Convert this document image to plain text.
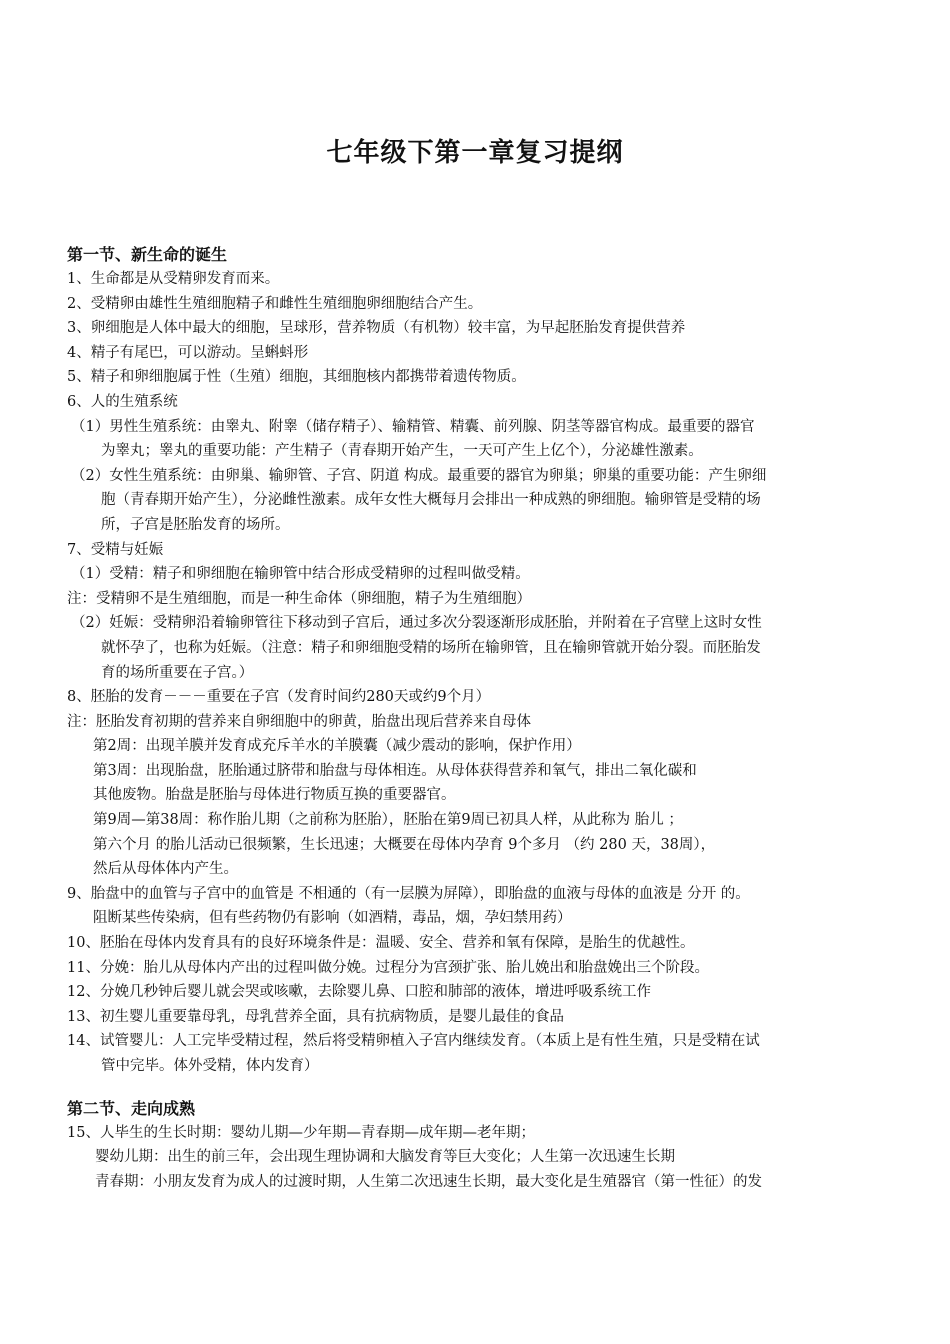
七年级下第一章复习提纲

第一节、新生命的诞生

1、生命都是从受精卵发育而来。

2、受精卵由雄性生殖细胞精子和雌性生殖细胞卵细胞结合产生。

3、卵细胞是人体中最大的细胞，呈球形，营养物质（有机物）较丰富，为早起胚胎发育提供营养

4、精子有尾巴，可以游动。呈蝌蚪形

5、精子和卵细胞属于性（生殖）细胞，其细胞核内都携带着遗传物质。

6、人的生殖系统

（1）男性生殖系统：由睾丸、附睾（储存精子）、输精管、精囊、前列腺、阴茎等器官构成。最重要的器官

为睾丸；睾丸的重要功能：产生精子（青春期开始产生，一天可产生上亿个），分泌雄性激素。

（2）女性生殖系统：由卵巢、输卵管、子宫、阴道 构成。最重要的器官为卵巢；卵巢的重要功能：产生卵细

胞（青春期开始产生），分泌雌性激素。成年女性大概每月会排出一种成熟的卵细胞。输卵管是受精的场

所，子宫是胚胎发育的场所。

7、受精与妊娠

（1）受精：精子和卵细胞在输卵管中结合形成受精卵的过程叫做受精。

注：受精卵不是生殖细胞，而是一种生命体（卵细胞，精子为生殖细胞）

（2）妊娠：受精卵沿着输卵管往下移动到子宫后，通过多次分裂逐渐形成胚胎，并附着在子宫壁上这时女性

就怀孕了，也称为妊娠。（注意：精子和卵细胞受精的场所在输卵管，且在输卵管就开始分裂。而胚胎发

育的场所重要在子宫。）

8、胚胎的发育－－－重要在子宫（发育时间约280天或约9个月）

注：胚胎发育初期的营养来自卵细胞中的卵黄，胎盘出现后营养来自母体

第2周：出现羊膜并发育成充斥羊水的羊膜囊（减少震动的影响，保护作用）

第3周：出现胎盘，胚胎通过脐带和胎盘与母体相连。从母体获得营养和氧气，排出二氧化碳和

其他废物。胎盘是胚胎与母体进行物质互换的重要器官。

第9周—第38周：称作胎儿期（之前称为胚胎），胚胎在第9周已初具人样，从此称为 胎儿 ；

第六个月 的胎儿活动已很频繁，生长迅速；大概要在母体内孕育 9个多月 （约 280 天，38周），

然后从母体体内产生。

9、胎盘中的血管与子宫中的血管是 不相通的（有一层膜为屏障），即胎盘的血液与母体的血液是 分开 的。

阻断某些传染病，但有些药物仍有影响（如酒精，毒品，烟，孕妇禁用药）

10、胚胎在母体内发育具有的良好环境条件是：温暖、安全、营养和氧有保障，是胎生的优越性。

11、分娩：胎儿从母体内产出的过程叫做分娩。过程分为宫颈扩张、胎儿娩出和胎盘娩出三个阶段。

12、分娩几秒钟后婴儿就会哭或咳嗽，去除婴儿鼻、口腔和肺部的液体，增进呼吸系统工作

13、初生婴儿重要靠母乳，母乳营养全面，具有抗病物质，是婴儿最佳的食品

14、试管婴儿：人工完毕受精过程，然后将受精卵植入子宫内继续发育。（本质上是有性生殖，只是受精在试

管中完毕。体外受精，体内发育）

第二节、走向成熟

15、人毕生的生长时期：婴幼儿期—少年期—青春期—成年期—老年期；

婴幼儿期：出生的前三年，会出现生理协调和大脑发育等巨大变化；人生第一次迅速生长期

青春期：小朋友发育为成人的过渡时期，人生第二次迅速生长期，最大变化是生殖器官（第一性征）的发
